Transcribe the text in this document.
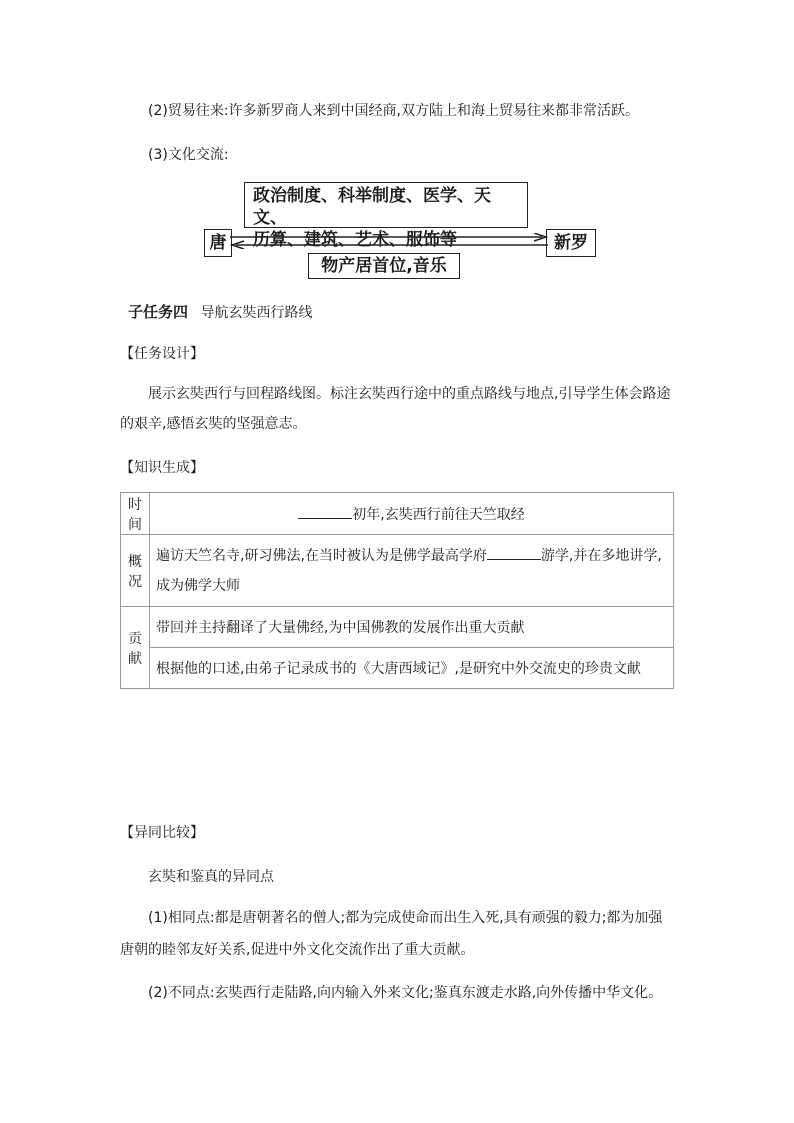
(2)贸易往来:许多新罗商人来到中国经商,双方陆上和海上贸易往来都非常活跃。
(3)文化交流:
政治制度、科举制度、医学、天文、
历算、建筑、艺术、服饰等
唐	新罗
物产居首位,音乐
子任务四 导航玄奘西行路线
【任务设计】
展示玄奘西行与回程路线图。标注玄奘西行途中的重点路线与地点,引导学生体会路途的艰辛,感悟玄奘的坚强意志。
【知识生成】
时间	初年,玄奘西行前往天竺取经
概况	遍访天竺名寺,研习佛法,在当时被认为是佛学最高学府 游学,并在多地讲学,成为佛学大师
贡献	带回并主持翻译了大量佛经,为中国佛教的发展作出重大贡献
	根据他的口述,由弟子记录成书的《大唐西域记》,是研究中外交流史的珍贵文献
【异同比较】
玄奘和鉴真的异同点
(1)相同点:都是唐朝著名的僧人;都为完成使命而出生入死,具有顽强的毅力;都为加强唐朝的睦邻友好关系,促进中外文化交流作出了重大贡献。
(2)不同点:玄奘西行走陆路,向内输入外来文化;鉴真东渡走水路,向外传播中华文化。
